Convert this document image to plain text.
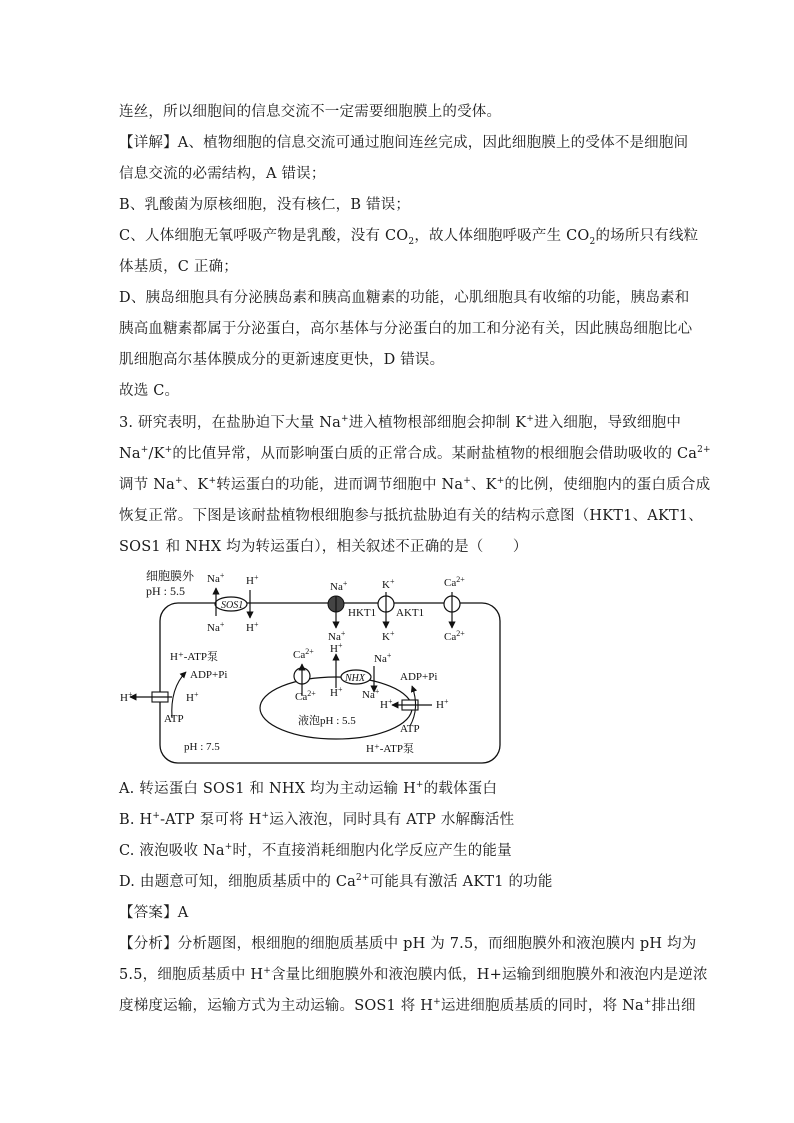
连丝，所以细胞间的信息交流不一定需要细胞膜上的受体。
【详解】A、植物细胞的信息交流可通过胞间连丝完成，因此细胞膜上的受体不是细胞间
信息交流的必需结构，A 错误；
B、乳酸菌为原核细胞，没有核仁，B 错误；
C、人体细胞无氧呼吸产物是乳酸，没有 $CO_2$，故人体细胞呼吸产生 $CO_2$的场所只有线粒
体基质，C 正确；
D、胰岛细胞具有分泌胰岛素和胰高血糖素的功能，心肌细胞具有收缩的功能，胰岛素和
胰高血糖素都属于分泌蛋白，高尔基体与分泌蛋白的加工和分泌有关，因此胰岛细胞比心
肌细胞高尔基体膜成分的更新速度更快，D 错误。
故选 C。
3. 研究表明，在盐胁迫下大量 Na+进入植物根部细胞会抑制 K+进入细胞，导致细胞中
Na+/K+的比值异常，从而影响蛋白质的正常合成。某耐盐植物的根细胞会借助吸收的 $Ca^{2+}$
调节 Na+、K+转运蛋白的功能，进而调节细胞中 Na+、K+的比例，使细胞内的蛋白质合成
恢复正常。下图是该耐盐植物根细胞参与抵抗盐胁迫有关的结构示意图（HKT1、AKT1、
SOS1 和 NHX 均为转运蛋白），相关叙述不正确的是（　　）
细胞膜外
pH : 5.5
SOS1
Na+
Na+
H+
H+
Na+
Na+
HKT1
K+
K+
AKT1
$Ca^{2+}$
$Ca^{2+}$
H⁺-ATP泵
ADP+Pi
H+	H+
ATP	液泡pH : 5.5
$Ca^{2+}$
$Ca^{2+}$
NHX
H+
H+
Na+
Na+
H+	H+
ADP+Pi
ATP
H⁺-ATP泵
pH : 7.5
A. 转运蛋白 SOS1 和 NHX 均为主动运输 H+的载体蛋白
B. H+-ATP 泵可将 H+运入液泡，同时具有 ATP 水解酶活性
C. 液泡吸收 Na+时，不直接消耗细胞内化学反应产生的能量
D. 由题意可知，细胞质基质中的 $Ca^{2+}$可能具有激活 AKT1 的功能
【答案】A
【分析】分析题图，根细胞的细胞质基质中 pH 为 7.5，而细胞膜外和液泡膜内 pH 均为
5.5，细胞质基质中 H+含量比细胞膜外和液泡膜内低，H+运输到细胞膜外和液泡内是逆浓
度梯度运输，运输方式为主动运输。SOS1 将 H+运进细胞质基质的同时，将 Na+排出细
